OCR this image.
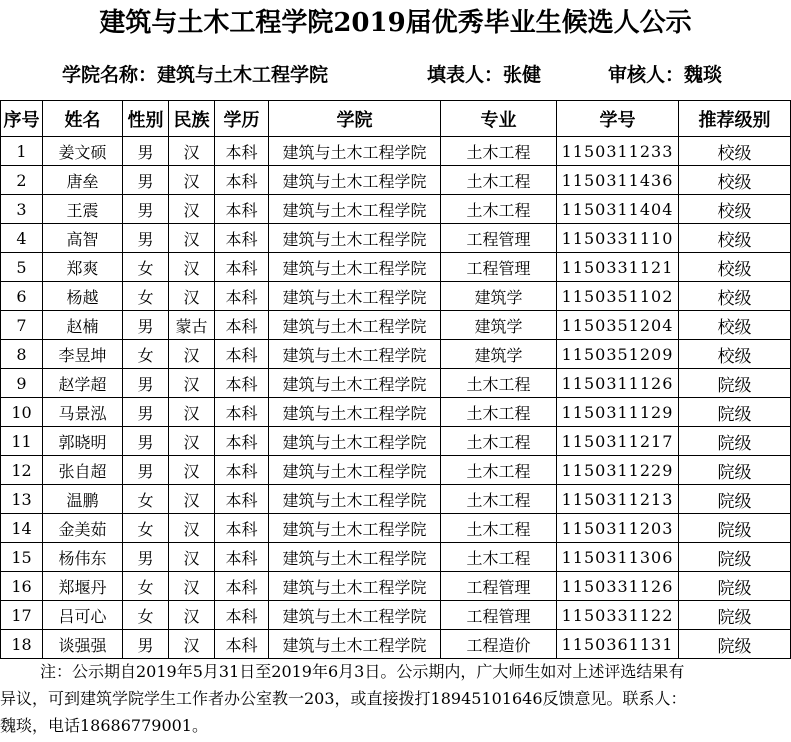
建筑与土木工程学院2019届优秀毕业生候选人公示
学院名称：建筑与土木工程学院	填表人：张健	审核人：魏琰
序号	姓名	性别	民族	学历	学院	专业	学号	推荐级别
1	姜文硕	男	汉	本科	建筑与土木工程学院	土木工程	1150311233	校级
2	唐垒	男	汉	本科	建筑与土木工程学院	土木工程	1150311436	校级
3	王震	男	汉	本科	建筑与土木工程学院	土木工程	1150311404	校级
4	高智	男	汉	本科	建筑与土木工程学院	工程管理	1150331110	校级
5	郑爽	女	汉	本科	建筑与土木工程学院	工程管理	1150331121	校级
6	杨越	女	汉	本科	建筑与土木工程学院	建筑学	1150351102	校级
7	赵楠	男	蒙古	本科	建筑与土木工程学院	建筑学	1150351204	校级
8	李昱坤	女	汉	本科	建筑与土木工程学院	建筑学	1150351209	校级
9	赵学超	男	汉	本科	建筑与土木工程学院	土木工程	1150311126	院级
10	马景泓	男	汉	本科	建筑与土木工程学院	土木工程	1150311129	院级
11	郭晓明	男	汉	本科	建筑与土木工程学院	土木工程	1150311217	院级
12	张自超	男	汉	本科	建筑与土木工程学院	土木工程	1150311229	院级
13	温鹏	女	汉	本科	建筑与土木工程学院	土木工程	1150311213	院级
14	金美茹	女	汉	本科	建筑与土木工程学院	土木工程	1150311203	院级
15	杨伟东	男	汉	本科	建筑与土木工程学院	土木工程	1150311306	院级
16	郑堰丹	女	汉	本科	建筑与土木工程学院	工程管理	1150331126	院级
17	吕可心	女	汉	本科	建筑与土木工程学院	工程管理	1150331122	院级
18	谈强强	男	汉	本科	建筑与土木工程学院	工程造价	1150361131	院级
注：公示期自2019年5月31日至2019年6月3日。公示期内，广大师生如对上述评选结果有
异议，可到建筑学院学生工作者办公室教一203，或直接拨打18945101646反馈意见。联系人：
魏琰，电话18686779001。
